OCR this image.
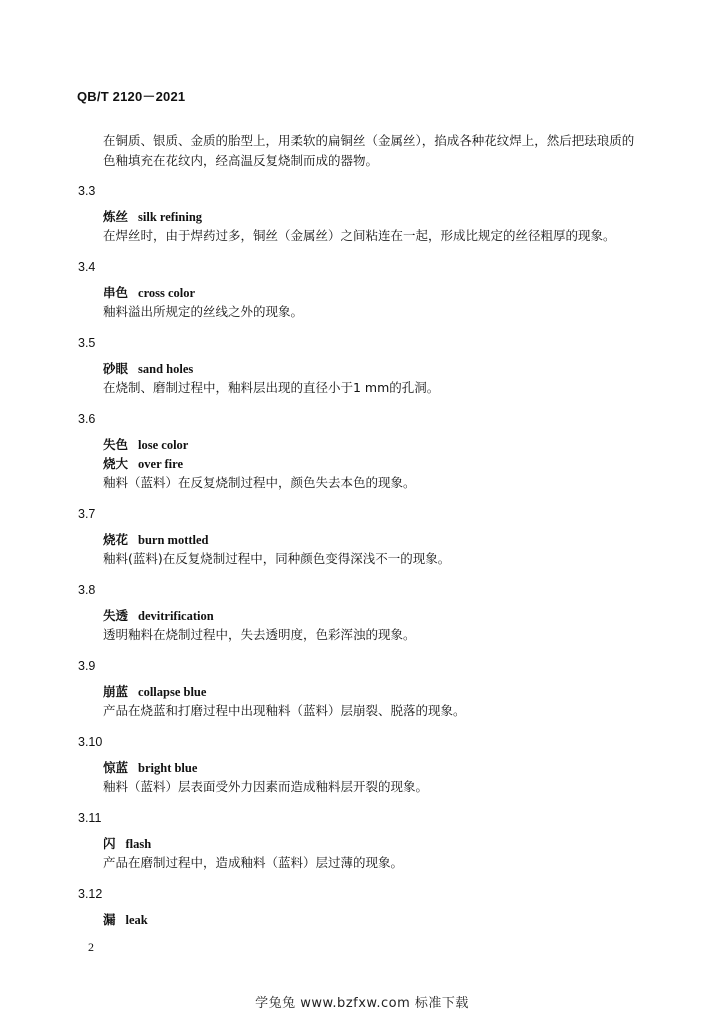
QB/T 2120－2021
在铜质、银质、金质的胎型上，用柔软的扁铜丝（金属丝），掐成各种花纹焊上，然后把珐琅质的
色釉填充在花纹内，经高温反复烧制而成的器物。
3.3
炼丝 silk refining
在焊丝时，由于焊药过多，铜丝（金属丝）之间粘连在一起，形成比规定的丝径粗厚的现象。
3.4
串色 cross color
釉料溢出所规定的丝线之外的现象。
3.5
砂眼 sand holes
在烧制、磨制过程中，釉料层出现的直径小于1 mm的孔洞。
3.6
失色 lose color
烧大 over fire
釉料（蓝料）在反复烧制过程中，颜色失去本色的现象。
3.7
烧花 burn mottled
釉料(蓝料)在反复烧制过程中，同种颜色变得深浅不一的现象。
3.8
失透 devitrification
透明釉料在烧制过程中，失去透明度，色彩浑浊的现象。
3.9
崩蓝 collapse blue
产品在烧蓝和打磨过程中出现釉料（蓝料）层崩裂、脱落的现象。
3.10
惊蓝 bright blue
釉料（蓝料）层表面受外力因素而造成釉料层开裂的现象。
3.11
闪 flash
产品在磨制过程中，造成釉料（蓝料）层过薄的现象。
3.12
漏 leak
2
学兔兔 www.bzfxw.com 标准下载
